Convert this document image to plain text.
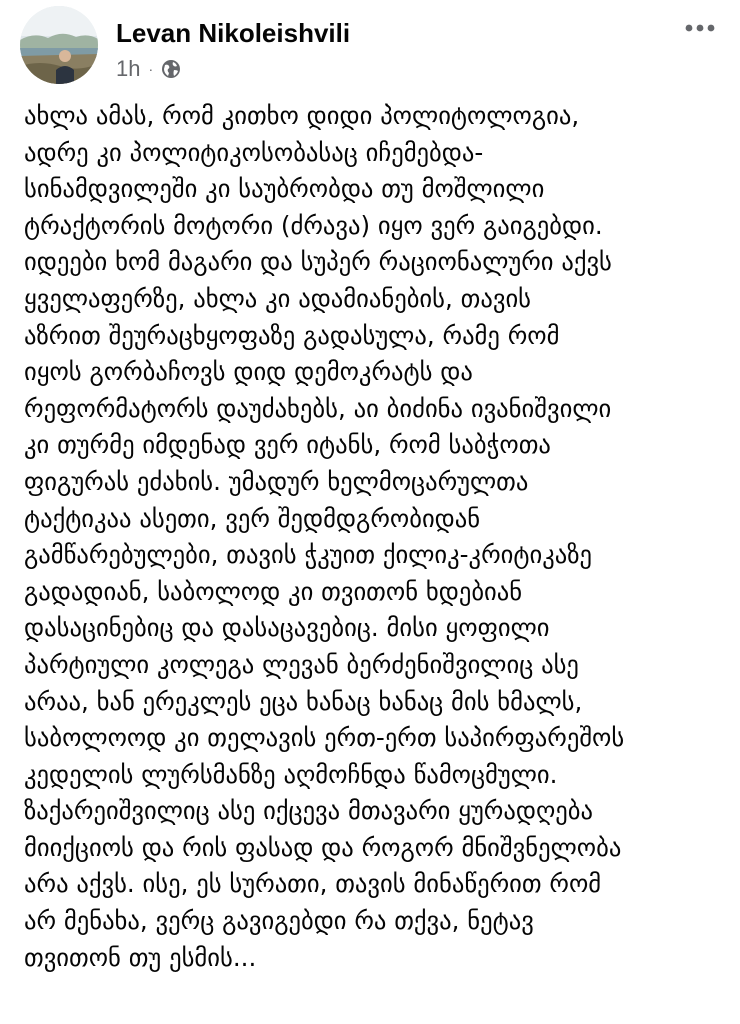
Levan Nikoleishvili
1h ·
ახლა ამას, რომ კითხო დიდი პოლიტოლოგია,
ადრე კი პოლიტიკოსობასაც იჩემებდა-
სინამდვილეში კი საუბრობდა თუ მოშლილი
ტრაქტორის მოტორი (ძრავა) იყო ვერ გაიგებდი.
იდეები ხომ მაგარი და სუპერ რაციონალური აქვს
ყველაფერზე, ახლა კი ადამიანების, თავის
აზრით შეურაცხყოფაზე გადასულა, რამე რომ
იყოს გორბაჩოვს დიდ დემოკრატს და
რეფორმატორს დაუძახებს, აი ბიძინა ივანიშვილი
კი თურმე იმდენად ვერ იტანს, რომ საბჭოთა
ფიგურას ეძახის. უმადურ ხელმოცარულთა
ტაქტიკაა ასეთი, ვერ შედმდგრობიდან
გამწარებულები, თავის ჭკუით ქილიკ-კრიტიკაზე
გადადიან, საბოლოდ კი თვითონ ხდებიან
დასაცინებიც და დასაცავებიც. მისი ყოფილი
პარტიული კოლეგა ლევან ბერძენიშვილიც ასე
არაა, ხან ერეკლეს ეცა ხანაც ხანაც მის ხმალს,
საბოლოოდ კი თელავის ერთ-ერთ საპირფარეშოს
კედელის ლურსმანზე აღმოჩნდა წამოცმული.
ზაქარეიშვილიც ასე იქცევა მთავარი ყურადღება
მიიქციოს და რის ფასად და როგორ მნიშვნელობა
არა აქვს. ისე, ეს სურათი, თავის მინაწერით რომ
არ მენახა, ვერც გავიგებდი რა თქვა, ნეტავ
თვითონ თუ ესმის...
